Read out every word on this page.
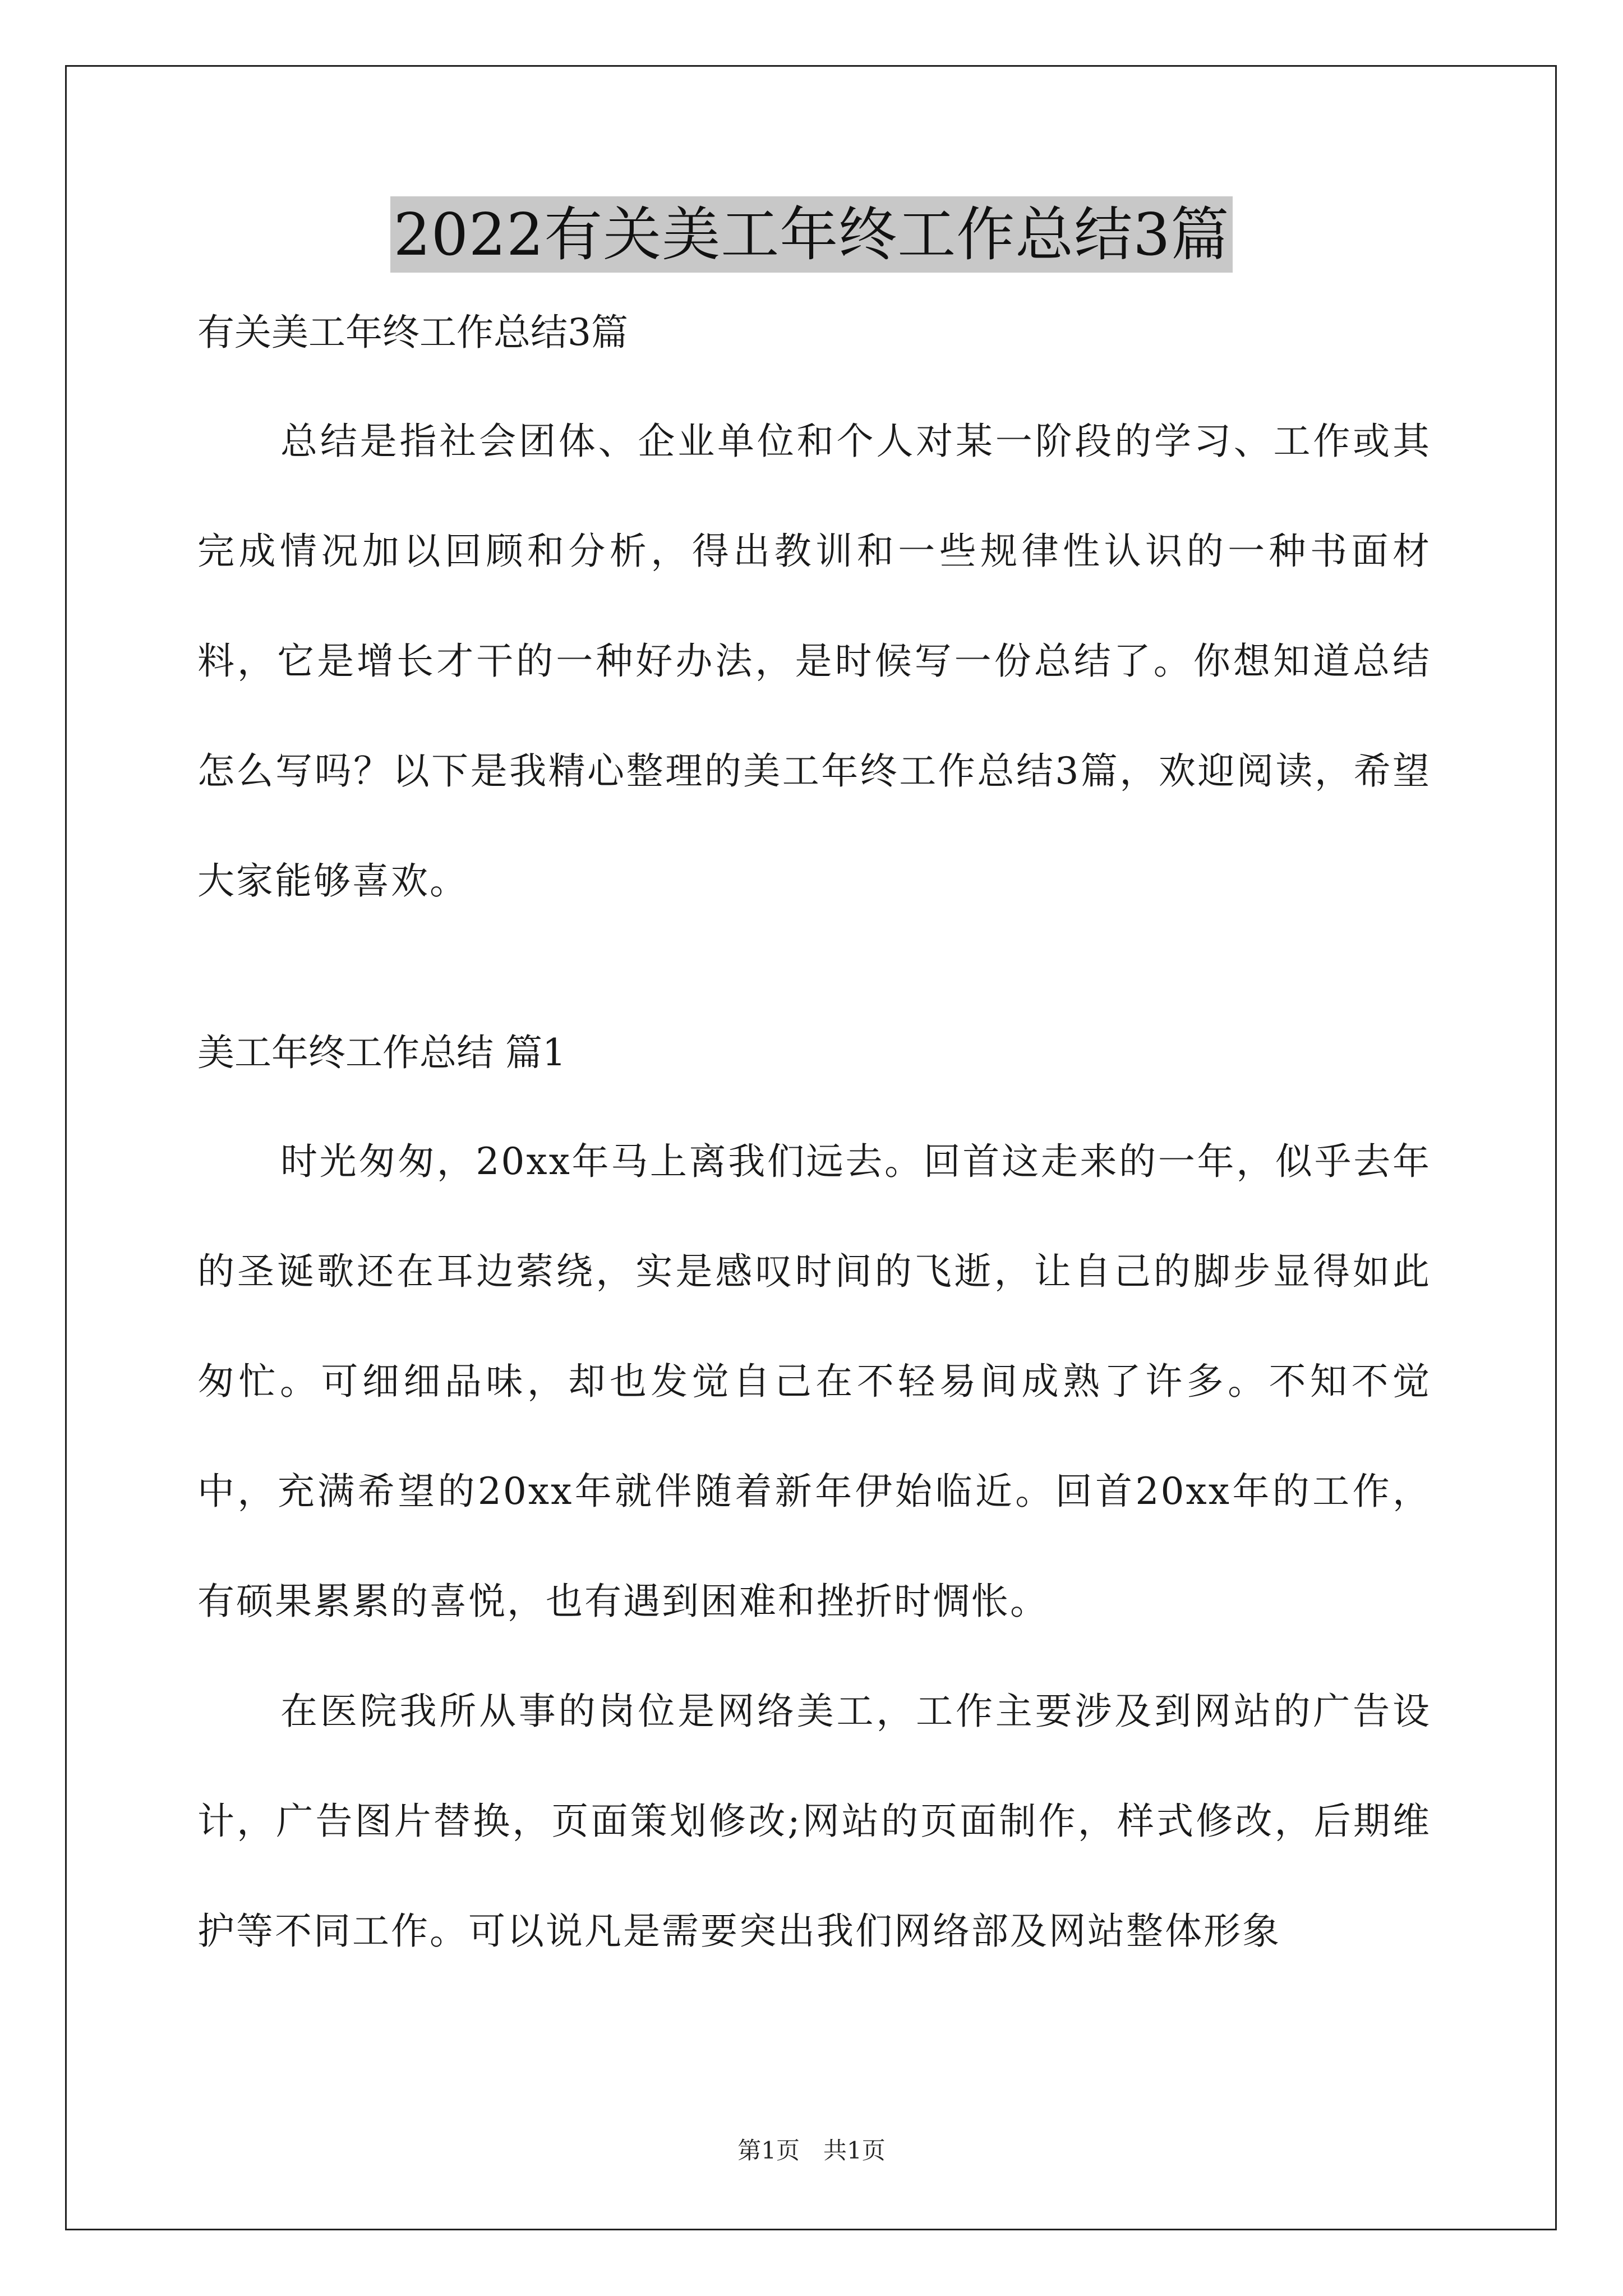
2022有关美工年终工作总结3篇

有关美工年终工作总结3篇

总结是指社会团体、企业单位和个人对某一阶段的学习、工作或其完成情况加以回顾和分析，得出教训和一些规律性认识的一种书面材料，它是增长才干的一种好办法，是时候写一份总结了。你想知道总结怎么写吗？以下是我精心整理的美工年终工作总结3篇，欢迎阅读，希望大家能够喜欢。

美工年终工作总结 篇1

时光匆匆，20xx年马上离我们远去。回首这走来的一年，似乎去年的圣诞歌还在耳边萦绕，实是感叹时间的飞逝，让自己的脚步显得如此匆忙。可细细品味，却也发觉自己在不轻易间成熟了许多。不知不觉中，充满希望的20xx年就伴随着新年伊始临近。回首20xx年的工作，有硕果累累的喜悦，也有遇到困难和挫折时惆怅。

在医院我所从事的岗位是网络美工，工作主要涉及到网站的广告设计，广告图片替换，页面策划修改;网站的页面制作，样式修改，后期维护等不同工作。可以说凡是需要突出我们网络部及网站整体形象

第1页　共1页
